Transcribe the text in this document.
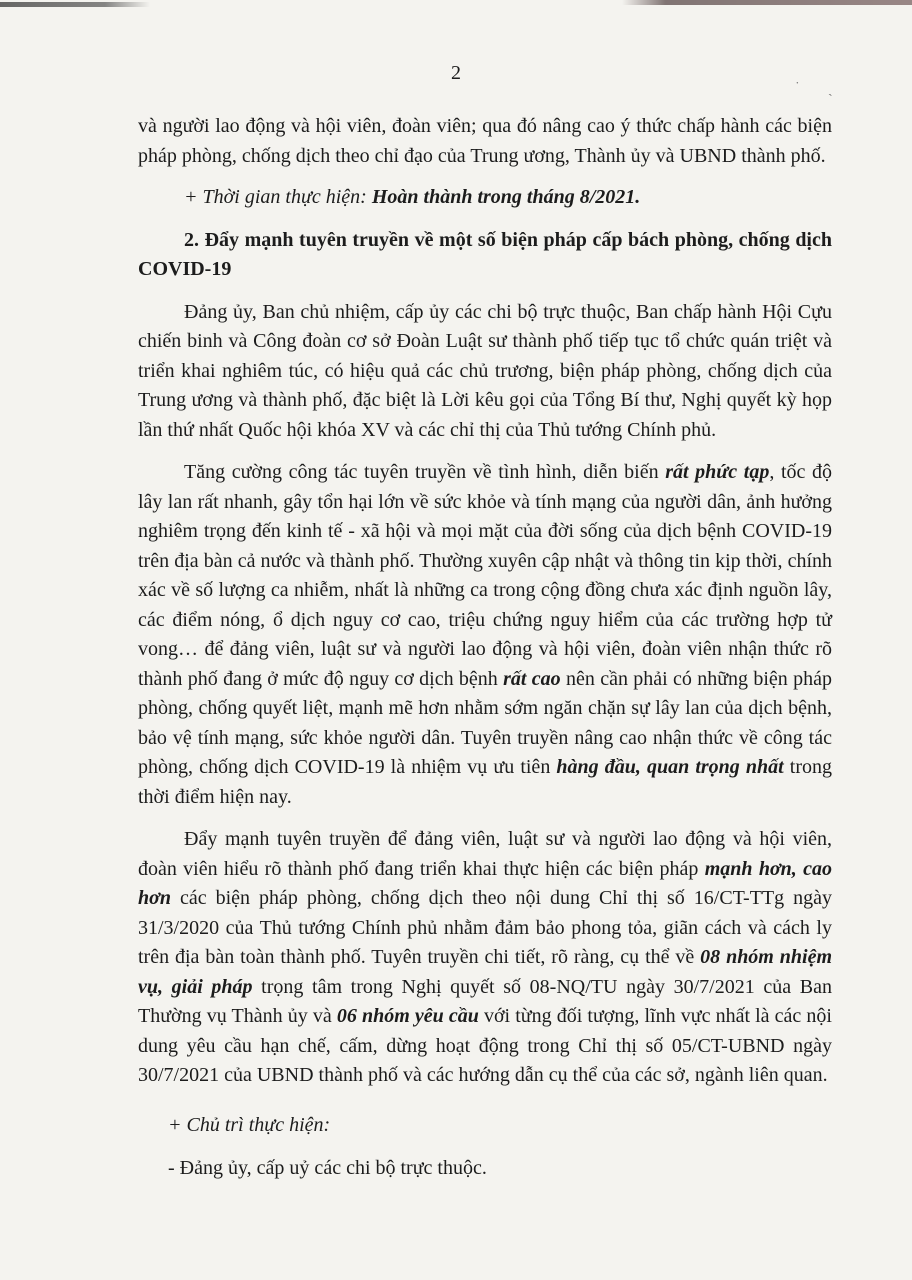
˙ ˏ
2

và người lao động và hội viên, đoàn viên; qua đó nâng cao ý thức chấp hành các biện pháp phòng, chống dịch theo chỉ đạo của Trung ương, Thành ủy và UBND thành phố.

+ Thời gian thực hiện: Hoàn thành trong tháng 8/2021.

2. Đẩy mạnh tuyên truyền về một số biện pháp cấp bách phòng, chống dịch COVID-19

Đảng ủy, Ban chủ nhiệm, cấp ủy các chi bộ trực thuộc, Ban chấp hành Hội Cựu chiến binh và Công đoàn cơ sở Đoàn Luật sư thành phố tiếp tục tổ chức quán triệt và triển khai nghiêm túc, có hiệu quả các chủ trương, biện pháp phòng, chống dịch của Trung ương và thành phố, đặc biệt là Lời kêu gọi của Tổng Bí thư, Nghị quyết kỳ họp lần thứ nhất Quốc hội khóa XV và các chỉ thị của Thủ tướng Chính phủ.

Tăng cường công tác tuyên truyền về tình hình, diễn biến rất phức tạp, tốc độ lây lan rất nhanh, gây tổn hại lớn về sức khỏe và tính mạng của người dân, ảnh hưởng nghiêm trọng đến kinh tế - xã hội và mọi mặt của đời sống của dịch bệnh COVID-19 trên địa bàn cả nước và thành phố. Thường xuyên cập nhật và thông tin kịp thời, chính xác về số lượng ca nhiễm, nhất là những ca trong cộng đồng chưa xác định nguồn lây, các điểm nóng, ổ dịch nguy cơ cao, triệu chứng nguy hiểm của các trường hợp tử vong… để đảng viên, luật sư và người lao động và hội viên, đoàn viên nhận thức rõ thành phố đang ở mức độ nguy cơ dịch bệnh rất cao nên cần phải có những biện pháp phòng, chống quyết liệt, mạnh mẽ hơn nhằm sớm ngăn chặn sự lây lan của dịch bệnh, bảo vệ tính mạng, sức khỏe người dân. Tuyên truyền nâng cao nhận thức về công tác phòng, chống dịch COVID-19 là nhiệm vụ ưu tiên hàng đầu, quan trọng nhất trong thời điểm hiện nay.

Đẩy mạnh tuyên truyền để đảng viên, luật sư và người lao động và hội viên, đoàn viên hiểu rõ thành phố đang triển khai thực hiện các biện pháp mạnh hơn, cao hơn các biện pháp phòng, chống dịch theo nội dung Chỉ thị số 16/CT-TTg ngày 31/3/2020 của Thủ tướng Chính phủ nhằm đảm bảo phong tỏa, giãn cách và cách ly trên địa bàn toàn thành phố. Tuyên truyền chi tiết, rõ ràng, cụ thể về 08 nhóm nhiệm vụ, giải pháp trọng tâm trong Nghị quyết số 08-NQ/TU ngày 30/7/2021 của Ban Thường vụ Thành ủy và 06 nhóm yêu cầu với từng đối tượng, lĩnh vực nhất là các nội dung yêu cầu hạn chế, cấm, dừng hoạt động trong Chỉ thị số 05/CT-UBND ngày 30/7/2021 của UBND thành phố và các hướng dẫn cụ thể của các sở, ngành liên quan.

+ Chủ trì thực hiện:

- Đảng ủy, cấp uỷ các chi bộ trực thuộc.
